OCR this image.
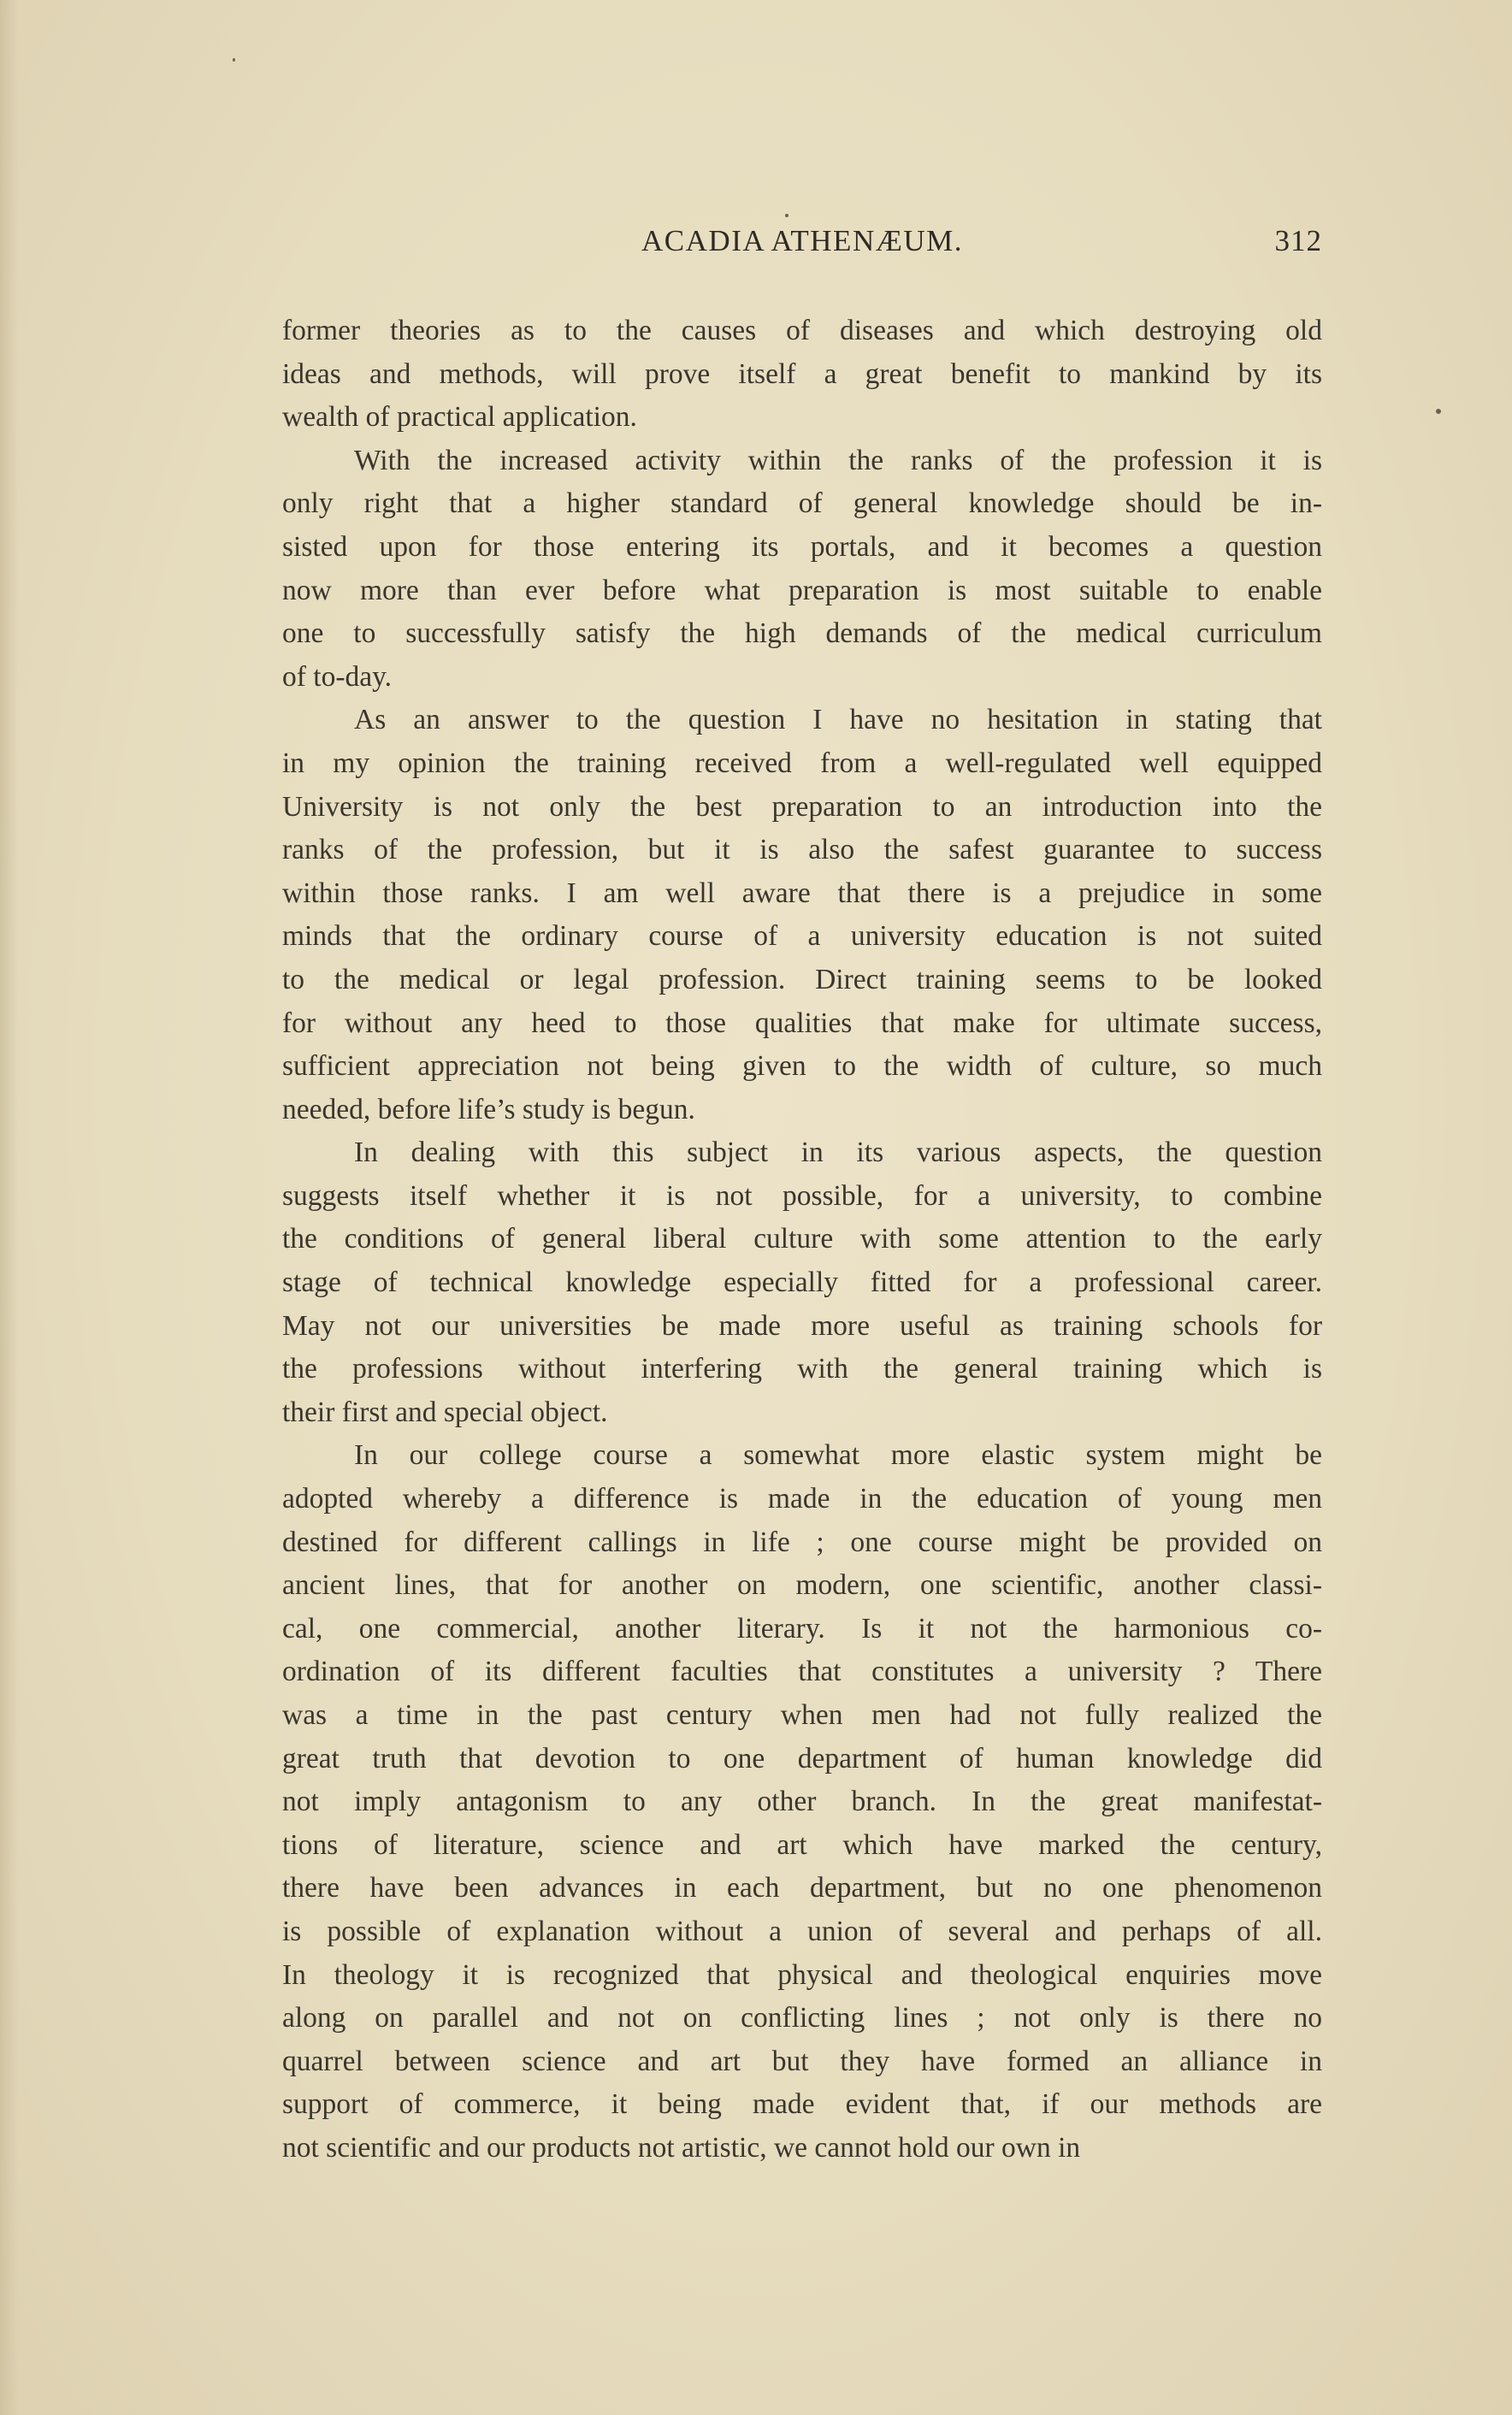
ACADIA ATHENÆUM.	312
former theories as to the causes of diseases and which destroying old
ideas and methods, will prove itself a great benefit to mankind by its
wealth of practical application.
With the increased activity within the ranks of the profession it is
only right that a higher standard of general knowledge should be in-
sisted upon for those entering its portals, and it becomes a question
now more than ever before what preparation is most suitable to enable
one to successfully satisfy the high demands of the medical curriculum
of to-day.
As an answer to the question I have no hesitation in stating that
in my opinion the training received from a well-regulated well equipped
University is not only the best preparation to an introduction into the
ranks of the profession, but it is also the safest guarantee to success
within those ranks. I am well aware that there is a prejudice in some
minds that the ordinary course of a university education is not suited
to the medical or legal profession. Direct training seems to be looked
for without any heed to those qualities that make for ultimate success,
sufficient appreciation not being given to the width of culture, so much
needed, before life’s study is begun.
In dealing with this subject in its various aspects, the question
suggests itself whether it is not possible, for a university, to combine
the conditions of general liberal culture with some attention to the early
stage of technical knowledge especially fitted for a professional career.
May not our universities be made more useful as training schools for
the professions without interfering with the general training which is
their first and special object.
In our college course a somewhat more elastic system might be
adopted whereby a difference is made in the education of young men
destined for different callings in life ; one course might be provided on
ancient lines, that for another on modern, one scientific, another classi-
cal, one commercial, another literary. Is it not the harmonious co-
ordination of its different faculties that constitutes a university ? There
was a time in the past century when men had not fully realized the
great truth that devotion to one department of human knowledge did
not imply antagonism to any other branch. In the great manifestat-
tions of literature, science and art which have marked the century,
there have been advances in each department, but no one phenomenon
is possible of explanation without a union of several and perhaps of all.
In theology it is recognized that physical and theological enquiries move
along on parallel and not on conflicting lines ; not only is there no
quarrel between science and art but they have formed an alliance in
support of commerce, it being made evident that, if our methods are
not scientific and our products not artistic, we cannot hold our own in
